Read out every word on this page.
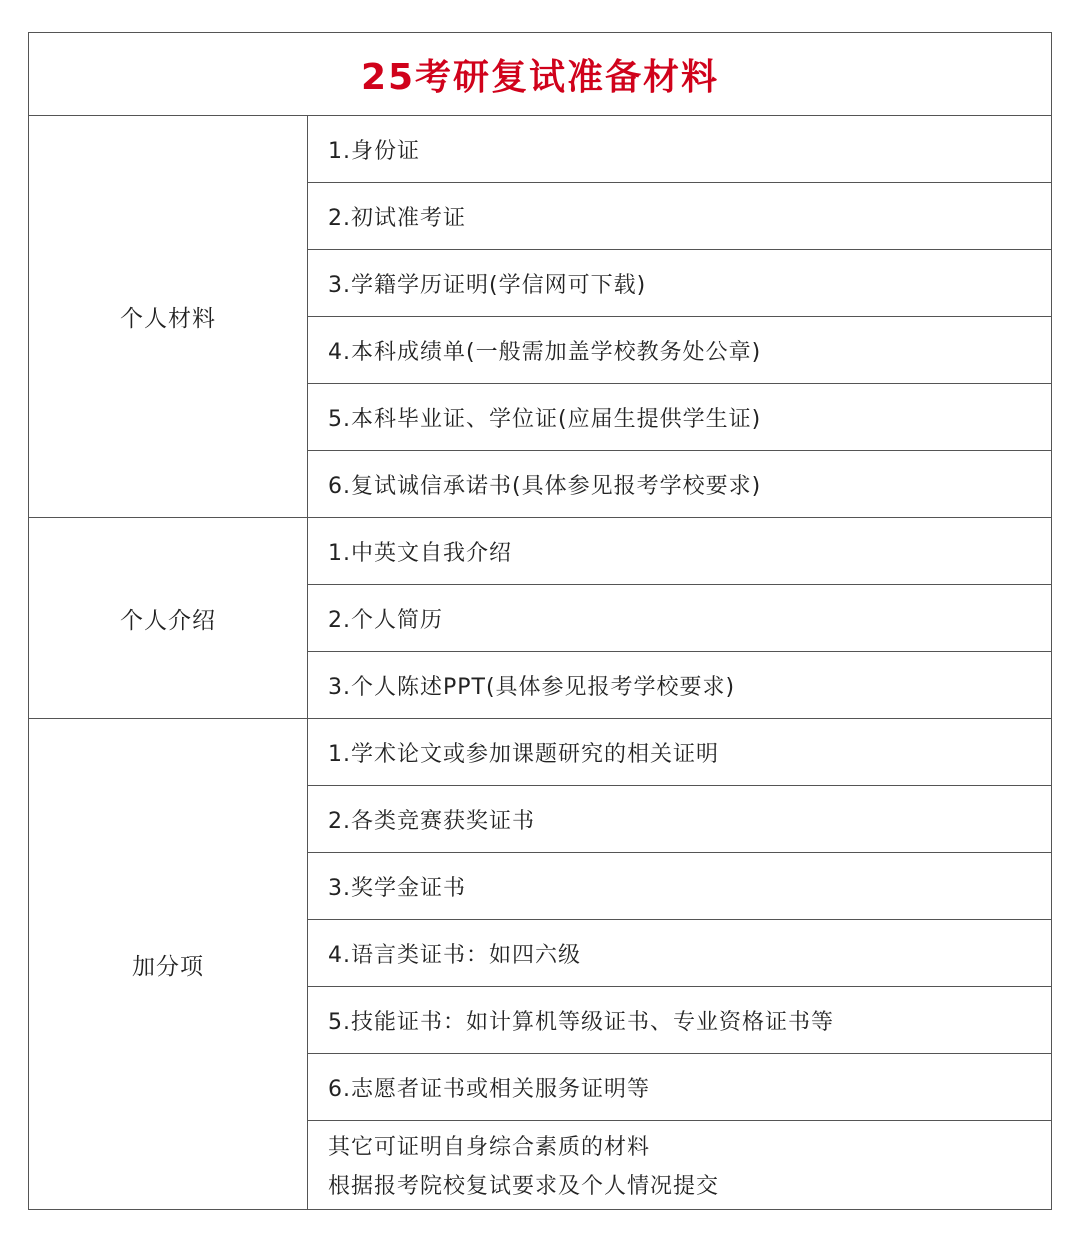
25考研复试准备材料
个人材料
1.身份证
2.初试准考证
3.学籍学历证明(学信网可下载)
4.本科成绩单(一般需加盖学校教务处公章)
5.本科毕业证、学位证(应届生提供学生证)
6.复试诚信承诺书(具体参见报考学校要求)
个人介绍
1.中英文自我介绍
2.个人简历
3.个人陈述PPT(具体参见报考学校要求)
加分项
1.学术论文或参加课题研究的相关证明
2.各类竞赛获奖证书
3.奖学金证书
4.语言类证书：如四六级
5.技能证书：如计算机等级证书、专业资格证书等
6.志愿者证书或相关服务证明等
其它可证明自身综合素质的材料
根据报考院校复试要求及个人情况提交
